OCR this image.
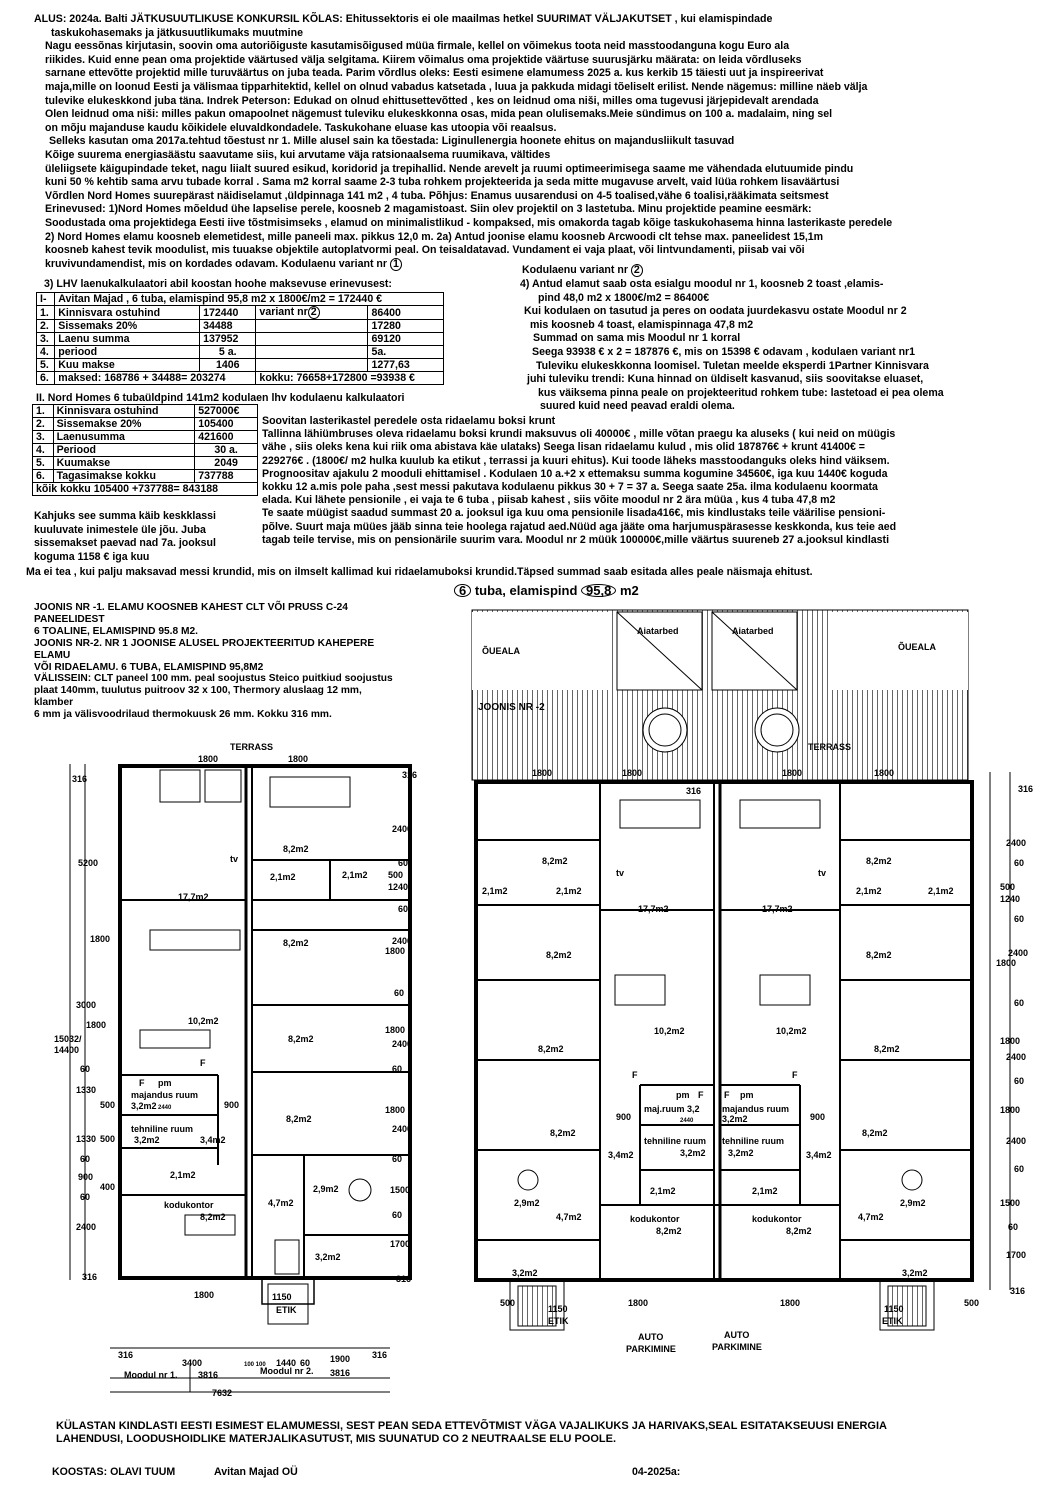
ALUS: 2024a. Balti JÄTKUSUUTLIKUSE KONKURSIL KÕLAS: Ehitussektoris ei ole maailmas hetkel SUURIMAT VÄLJAKUTSET , kui elamispindade
taskukohasemaks ja jätkusuutlikumaks muutmine
Nagu eessõnas kirjutasin, soovin oma autoriõiguste kasutamisõigused müüa firmale, kellel on võimekus toota neid masstoodanguna kogu Euro ala
riikides. Kuid enne pean oma projektide väärtused välja selgitama. Kiirem võimalus oma projektide väärtuse suurusjärku määrata: on leida võrdluseks
sarnane ettevõtte projektid mille turuväärtus on juba teada. Parim võrdlus oleks: Eesti esimene elamumess 2025 a. kus kerkib 15 täiesti uut ja inspireerivat
maja,mille on loonud Eesti ja välismaa tipparhitektid, kellel on olnud vabadus katsetada , luua ja pakkuda midagi tõeliselt erilist. Nende nägemus: milline näeb välja
tulevike elukeskkond juba täna. Indrek Peterson: Edukad on olnud ehittusettevõtted , kes on leidnud oma niši, milles oma tugevusi järjepidevalt arendada
Olen leidnud oma niši: milles pakun omapoolnet nägemust tuleviku elukeskkonna osas, mida pean olulisemaks.Meie sündimus on 100 a. madalaim, ning sel
on mõju majanduse kaudu kõikidele eluvaldkondadele. Taskukohane eluase kas utoopia või reaalsus.
Selleks kasutan oma 2017a.tehtud tõestust nr 1. Mille alusel sain ka tõestada: Liginullenergia hoonete ehitus on majandusliikult tasuvad
Kõige suurema energiasäästu saavutame siis, kui arvutame väja ratsionaalsema ruumikava, vältides
üleliigsete käigupindade teket, nagu liialt suured esikud, koridorid ja trepihallid. Nende arevelt ja ruumi optimeerimisega saame me vähendada elutuumide pindu
kuni 50 % kehtib sama arvu tubade korral . Sama m2 korral saame 2-3 tuba rohkem projekteerida ja seda mitte mugavuse arvelt, vaid lüüa rohkem lisaväärtusi
Võrdlen Nord Homes suurepärast näidiselamut ,üldpinnaga 141 m2 , 4 tuba. Põhjus: Enamus uusarendusi on 4-5 toalised,vähe 6 toalisi,rääkimata seitsmest
Erinevused: 1)Nord Homes mõeldud ühe lapselise perele, koosneb 2 magamistoast. Siin olev projektil on 3 lastetuba. Minu projektide peamine eesmärk:
Soodustada oma projektidega Eesti iive tõstmisimseks , elamud on minimalistlikud - kompaksed, mis omakorda tagab kõige taskukohasema hinna lasterikaste peredele
2) Nord Homes elamu koosneb elemetidest, mille paneeli max. pikkus 12,0 m. 2a) Antud joonise elamu koosneb Arcwoodi clt tehse max. paneelidest 15,1m
koosneb kahest tevik moodulist, mis tuuakse objektile autoplatvormi peal. On teisaldatavad. Vundament ei vaja plaat, või lintvundamenti, piisab vai või
kruvivundamendist, mis on kordades odavam. Kodulaenu variant nr 1
3) LHV laenukalkulaatori abil koostan hoohe maksevuse erinevusest:
I-	Avitan Majad , 6 tuba, elamispind 95,8 m2 x 1800€/m2 = 172440 €			
1.	Kinnisvara ostuhind	172440	variant nr 2	86400
2.	Sissemaks 20%	34488		17280
3.	Laenu summa	137952		69120
4.	periood	5 a.		5a.
5.	Kuu makse	1406		1277,63
6.	maksed: 168786 + 34488= 203274		kokku: 76658+172800 =93938 €	
Kodulaenu variant nr 2
4) Antud elamut saab osta esialgu moodul nr 1, koosneb 2 toast ,elamis-
pind 48,0 m2 x 1800€/m2 = 86400€
Kui kodulaen on tasutud ja peres on oodata juurdekasvu ostate Moodul nr 2
mis koosneb 4 toast, elamispinnaga 47,8 m2
Summad on sama mis Moodul nr 1 korral
Seega 93938 € x 2 = 187876 €, mis on 15398 € odavam , kodulaen variant nr1
Tuleviku elukeskkonna loomisel. Tuletan meelde eksperdi 1Partner Kinnisvara
juhi tuleviku trendi: Kuna hinnad on üldiselt kasvanud, siis soovitakse eluaset,
kus väiksema pinna peale on projekteeritud rohkem tube: lastetoad ei pea olema
suured kuid need peavad eraldi olema.
II. Nord Homes 6 tubaüldpind 141m2 kodulaen lhv kodulaenu kalkulaatori
1.	Kinnisvara ostuhind	527000€
2.	Sissemakse 20%	105400
3.	Laenusumma	421600
4.	Periood	30 a.
5.	Kuumakse	2049
6.	Tagasimakse kokku	737788
kõik kokku 105400 +737788= 843188		
Kahjuks see summa käib keskklassi
kuuluvate inimestele üle jõu. Juba
sissemakset paevad nad 7a. jooksul
koguma 1158 € iga kuu
Soovitan lasterikastel peredele osta ridaelamu boksi krunt
Tallinna lähiümbruses oleva ridaelamu boksi krundi maksuvus oli 40000€ , mille võtan praegu ka aluseks ( kui neid on müügis
vähe , siis oleks kena kui riik oma abistava käe ulataks) Seega lisan ridaelamu kulud , mis olid 187876€ + krunt 41400€ =
229276€ . (1800€/ m2 hulka kuulub ka etikut , terrassi ja kuuri ehitus). Kui toode läheks masstoodanguks oleks hind väiksem.
Prognoositav ajakulu 2 mooduli ehittamisel . Kodulaen 10 a.+2 x ettemaksu summa kogumine 34560€, iga kuu 1440€ koguda
kokku 12 a.mis pole paha ,sest messi pakutava kodulaenu pikkus 30 + 7 = 37 a. Seega saate 25a. ilma kodulaenu koormata
elada. Kui lähete pensionile , ei vaja te 6 tuba , piisab kahest , siis võite moodul nr 2 ära müüa , kus 4 tuba 47,8 m2
Te saate müügist saadud summast 20 a. jooksul iga kuu oma pensionile lisada416€, mis kindlustaks teile väärilise pensioni-
põlve. Suurt maja müües jääb sinna teie hoolega rajatud aed.Nüüd aga jääte oma harjumuspärasesse keskkonda, kus teie aed
tagab teile tervise, mis on pensionärile suurim vara. Moodul nr 2 müük 100000€,mille väärtus suureneb 27 a.jooksul kindlasti
Ma ei tea , kui palju maksavad messi krundid, mis on ilmselt kallimad kui ridaelamuboksi krundid.Täpsed summad saab esitada alles peale näismaja ehitust.
6 tuba, elamispind 95,8 m2
JOONIS NR -1. ELAMU KOOSNEB KAHEST CLT VÕI PRUSS C-24
PANEELIDEST
6 TOALINE, ELAMISPIND 95.8 M2.
JOONIS NR-2. NR 1 JOONISE ALUSEL PROJEKTEERITUD KAHEPERE
ELAMU
VÕI RIDAELAMU. 6 TUBA, ELAMISPIND 95,8M2
VÄLISSEIN: CLT paneel 100 mm. peal soojustus Steico puitkiud soojustus
plaat 140mm, tuulutus puitroov 32 x 100, Thermory aluslaag 12 mm,
klamber
6 mm ja välisvoodrilaud thermokuusk 26 mm. Kokku 316 mm.
TERRASS
1800	1800
316	316
2400
5200	60
500
1240
60
2400
1800
1800
60
3000
1800	1800
2400
15032/
14400
60	60
1330
500	1800
900
2400
1330 500
60	60
900
400
60
1500
60
2400
1700
316	316
1800	1150
ETIK
8,2m2
2,1m2	2,1m2
17,7m2
tv
8,2m2
10,2m2
8,2m2
F
F pm
majandus ruum
3,2m2 2440
8,2m2
tehniline ruum
3,2m2	3,4m2
2,1m2
2,9m2
kodukontor
8,2m2
4,7m2
3,2m2
316	316
3400	100 100 1440 60 1900
Moodul nr 1. 3816	Moodul nr 2. 3816
7632
Aiatarbed
Aiatarbed
ÕUEALA	ÕUEALA
JOONIS NR -2
TERRASS
1800	1800	1800	1800
316	316
2400
60
500
1240
60
2400
1800
60
1800
2400
60
1800
2400
60
1500
60
1700
316
500
1150
ETIK
1800	1800
1150
ETIK
500
AUTO
PARKIMINE
AUTO
PARKIMINE
8,2m2
2,1m2	2,1m2
tv
17,7m2
8,2m2
10,2m2
8,2m2
F
pm F
maj.ruum 3,2
900	2440
8,2m2
tehniline ruum
3,2m2
3,4m2
2,1m2
2,9m2
4,7m2	kodukontor
8,2m2
3,2m2
8,2m2
2,1m2	2,1m2
tv
17,7m2
8,2m2
10,2m2
8,2m2
F
F pm
majandus ruum
3,2m2	900
8,2m2
tehniline ruum
3,2m2	3,4m2
2,1m2
2,9m2
4,7m2
kodukontor
8,2m2
3,2m2
KÜLASTAN KINDLASTI EESTI ESIMEST ELAMUMESSI, SEST PEAN SEDA ETTEVÕTMIST VÄGA VAJALIKUKS JA HARIVAKS,SEAL ESITATAKSEUUSI ENERGIA
LAHENDUSI, LOODUSHOIDLIKE MATERJALIKASUTUST, MIS SUUNATUD CO 2 NEUTRAALSE ELU POOLE.
KOOSTAS: OLAVI TUUM	Avitan Majad OÜ	04-2025a:
